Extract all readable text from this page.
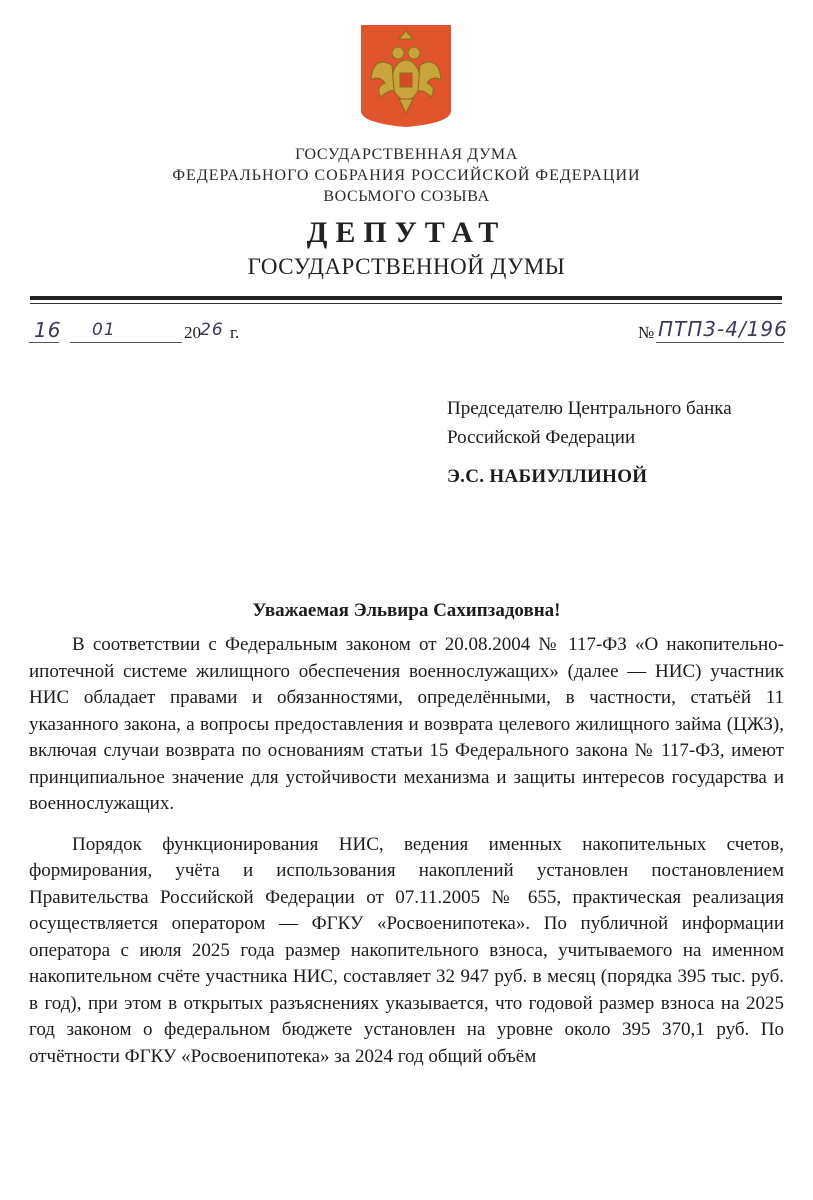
ГОСУДАРСТВЕННАЯ ДУМА
ФЕДЕРАЛЬНОГО СОБРАНИЯ РОССИЙСКОЙ ФЕДЕРАЦИИ
ВОСЬМОГО СОЗЫВА
ДЕПУТАТ
ГОСУДАРСТВЕННОЙ ДУМЫ
16 01	20 26 г.	№ ПТП3-4/196
Председателю Центрального банка
Российской Федерации
Э.С. НАБИУЛЛИНОЙ
Уважаемая Эльвира Сахипзадовна!

В соответствии с Федеральным законом от 20.08.2004 № 117-ФЗ «О накопительно-ипотечной системе жилищного обеспечения военнослужащих» (далее — НИС) участник НИС обладает правами и обязанностями, определёнными, в частности, статьёй 11 указанного закона, а вопросы предоставления и возврата целевого жилищного займа (ЦЖЗ), включая случаи возврата по основаниям статьи 15 Федерального закона № 117-ФЗ, имеют принципиальное значение для устойчивости механизма и защиты интересов государства и военнослужащих.

Порядок функционирования НИС, ведения именных накопительных счетов, формирования, учёта и использования накоплений установлен постановлением Правительства Российской Федерации от 07.11.2005 № 655, практическая реализация осуществляется оператором — ФГКУ «Росвоенипотека». По публичной информации оператора с июля 2025 года размер накопительного взноса, учитываемого на именном накопительном счёте участника НИС, составляет 32 947 руб. в месяц (порядка 395 тыс. руб. в год), при этом в открытых разъяснениях указывается, что годовой размер взноса на 2025 год законом о федеральном бюджете установлен на уровне около 395 370,1 руб. По отчётности ФГКУ «Росвоенипотека» за 2024 год общий объём
